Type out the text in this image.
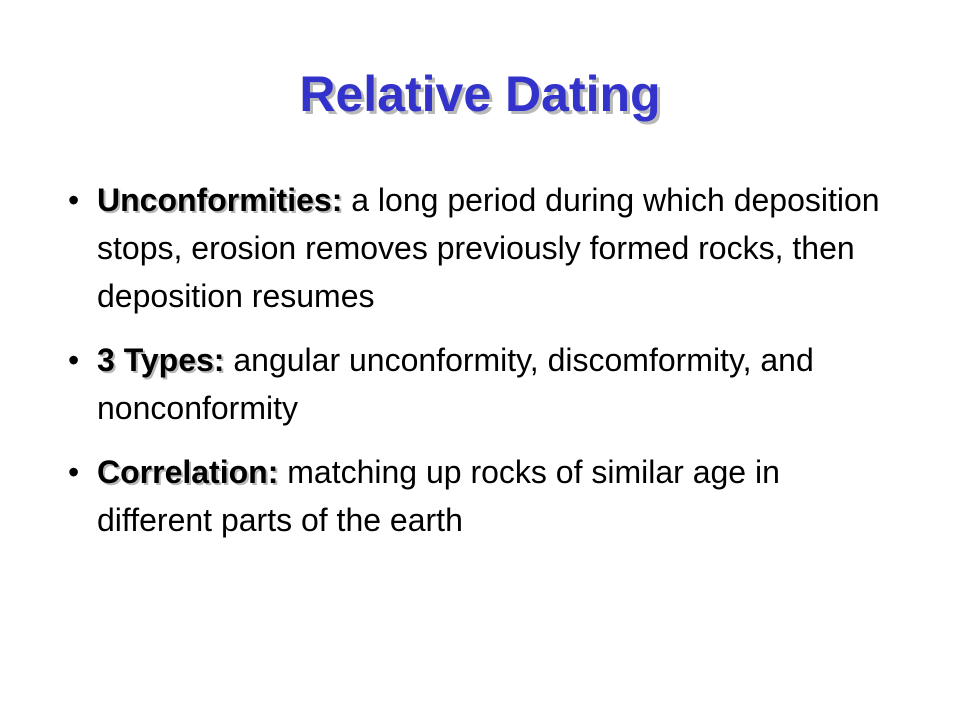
Relative Dating
• Unconformities: a long period during which deposition stops, erosion removes previously formed rocks, then deposition resumes
• 3 Types: angular unconformity, discomformity, and nonconformity
• Correlation: matching up rocks of similar age in different parts of the earth
